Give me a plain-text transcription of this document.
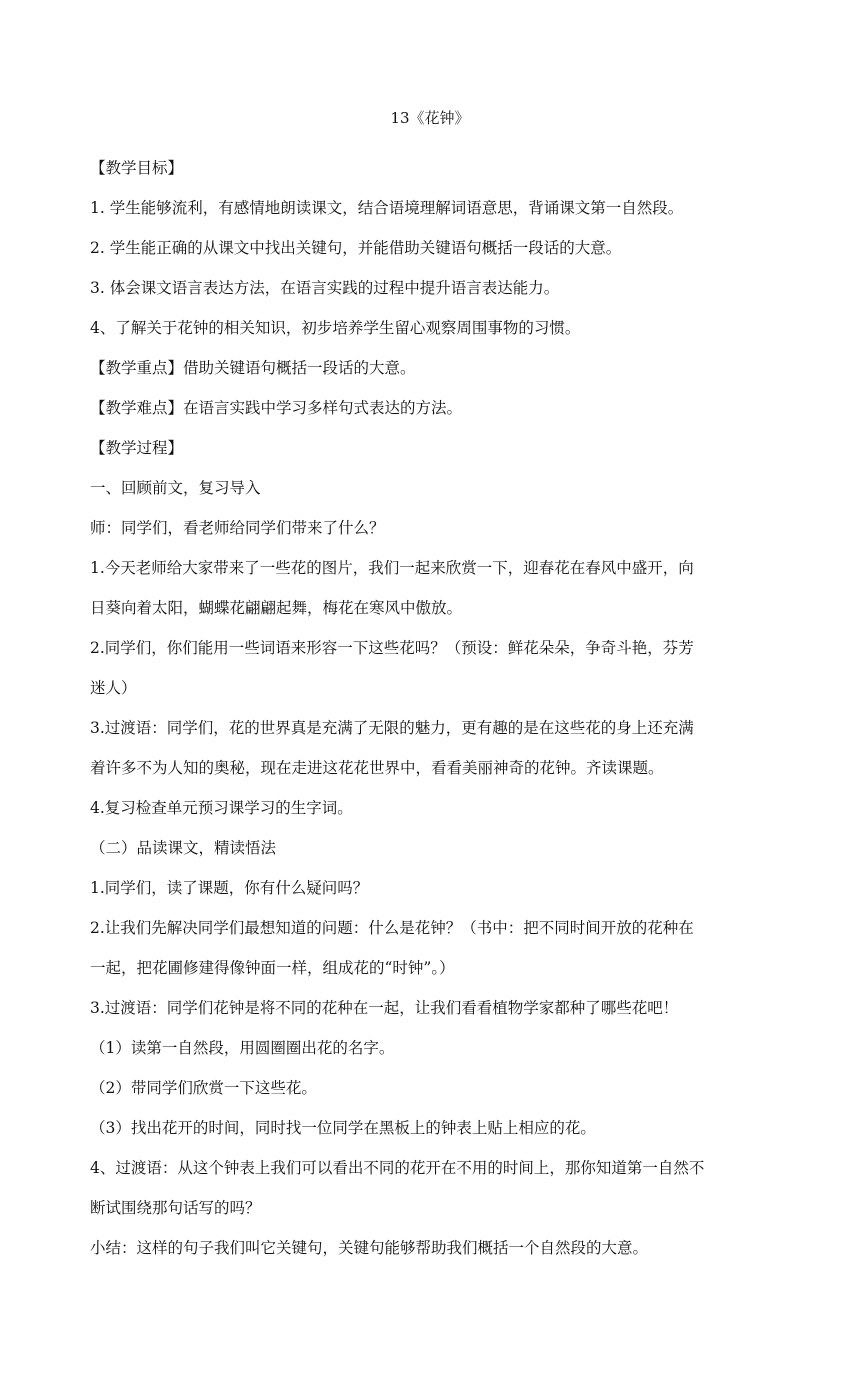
13《花钟》

【教学目标】

1. 学生能够流利，有感情地朗读课文，结合语境理解词语意思，背诵课文第一自然段。

2. 学生能正确的从课文中找出关键句，并能借助关键语句概括一段话的大意。

3. 体会课文语言表达方法，在语言实践的过程中提升语言表达能力。

4、了解关于花钟的相关知识，初步培养学生留心观察周围事物的习惯。

【教学重点】借助关键语句概括一段话的大意。

【教学难点】在语言实践中学习多样句式表达的方法。

【教学过程】

一、回顾前文，复习导入

师：同学们，看老师给同学们带来了什么？

1.今天老师给大家带来了一些花的图片，我们一起来欣赏一下，迎春花在春风中盛开，向

日葵向着太阳，蝴蝶花翩翩起舞，梅花在寒风中傲放。

2.同学们，你们能用一些词语来形容一下这些花吗？（预设：鲜花朵朵，争奇斗艳，芬芳

迷人）

3.过渡语：同学们，花的世界真是充满了无限的魅力，更有趣的是在这些花的身上还充满

着许多不为人知的奥秘，现在走进这花花世界中，看看美丽神奇的花钟。齐读课题。

4.复习检查单元预习课学习的生字词。

（二）品读课文，精读悟法

1.同学们，读了课题，你有什么疑问吗？

2.让我们先解决同学们最想知道的问题：什么是花钟？（书中：把不同时间开放的花种在

一起，把花圃修建得像钟面一样，组成花的“时钟”。）

3.过渡语：同学们花钟是将不同的花种在一起，让我们看看植物学家都种了哪些花吧！

（1）读第一自然段，用圆圈圈出花的名字。

（2）带同学们欣赏一下这些花。

（3）找出花开的时间，同时找一位同学在黑板上的钟表上贴上相应的花。

4、过渡语：从这个钟表上我们可以看出不同的花开在不用的时间上，那你知道第一自然不

断试围绕那句话写的吗？

小结：这样的句子我们叫它关键句，关键句能够帮助我们概括一个自然段的大意。
